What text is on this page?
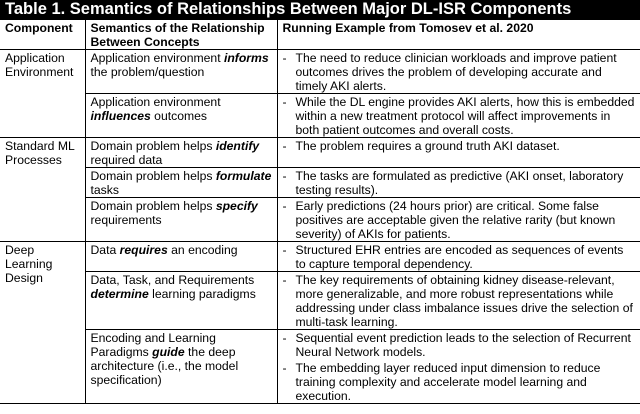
Table 1. Semantics of Relationships Between Major DL-ISR Components
Component	Semantics of the Relationship Between Concepts	Running Example from Tomosev et al. 2020
Application Environment	Application environment informs the problem/question	- The need to reduce clinician workloads and improve patient outcomes drives the problem of developing accurate and timely AKI alerts.

	Application environment influences outcomes	- While the DL engine provides AKI alerts, how this is embedded within a new treatment protocol will affect improvements in both patient outcomes and overall costs.

Standard ML Processes	Domain problem helps identify required data	- The problem requires a ground truth AKI dataset.

	Domain problem helps formulate tasks	- The tasks are formulated as predictive (AKI onset, laboratory testing results).

	Domain problem helps specify requirements	- Early predictions (24 hours prior) are critical. Some false positives are acceptable given the relative rarity (but known severity) of AKIs for patients.

Deep Learning Design	Data requires an encoding	- Structured EHR entries are encoded as sequences of events to capture temporal dependency.

	Data, Task, and Requirements determine learning paradigms	- The key requirements of obtaining kidney disease-relevant, more generalizable, and more robust representations while addressing under class imbalance issues drive the selection of multi-task learning.

	Encoding and Learning Paradigms guide the deep architecture (i.e., the model specification)	- Sequential event prediction leads to the selection of Recurrent Neural Network models.
- The embedding layer reduced input dimension to reduce training complexity and accelerate model learning and execution.
